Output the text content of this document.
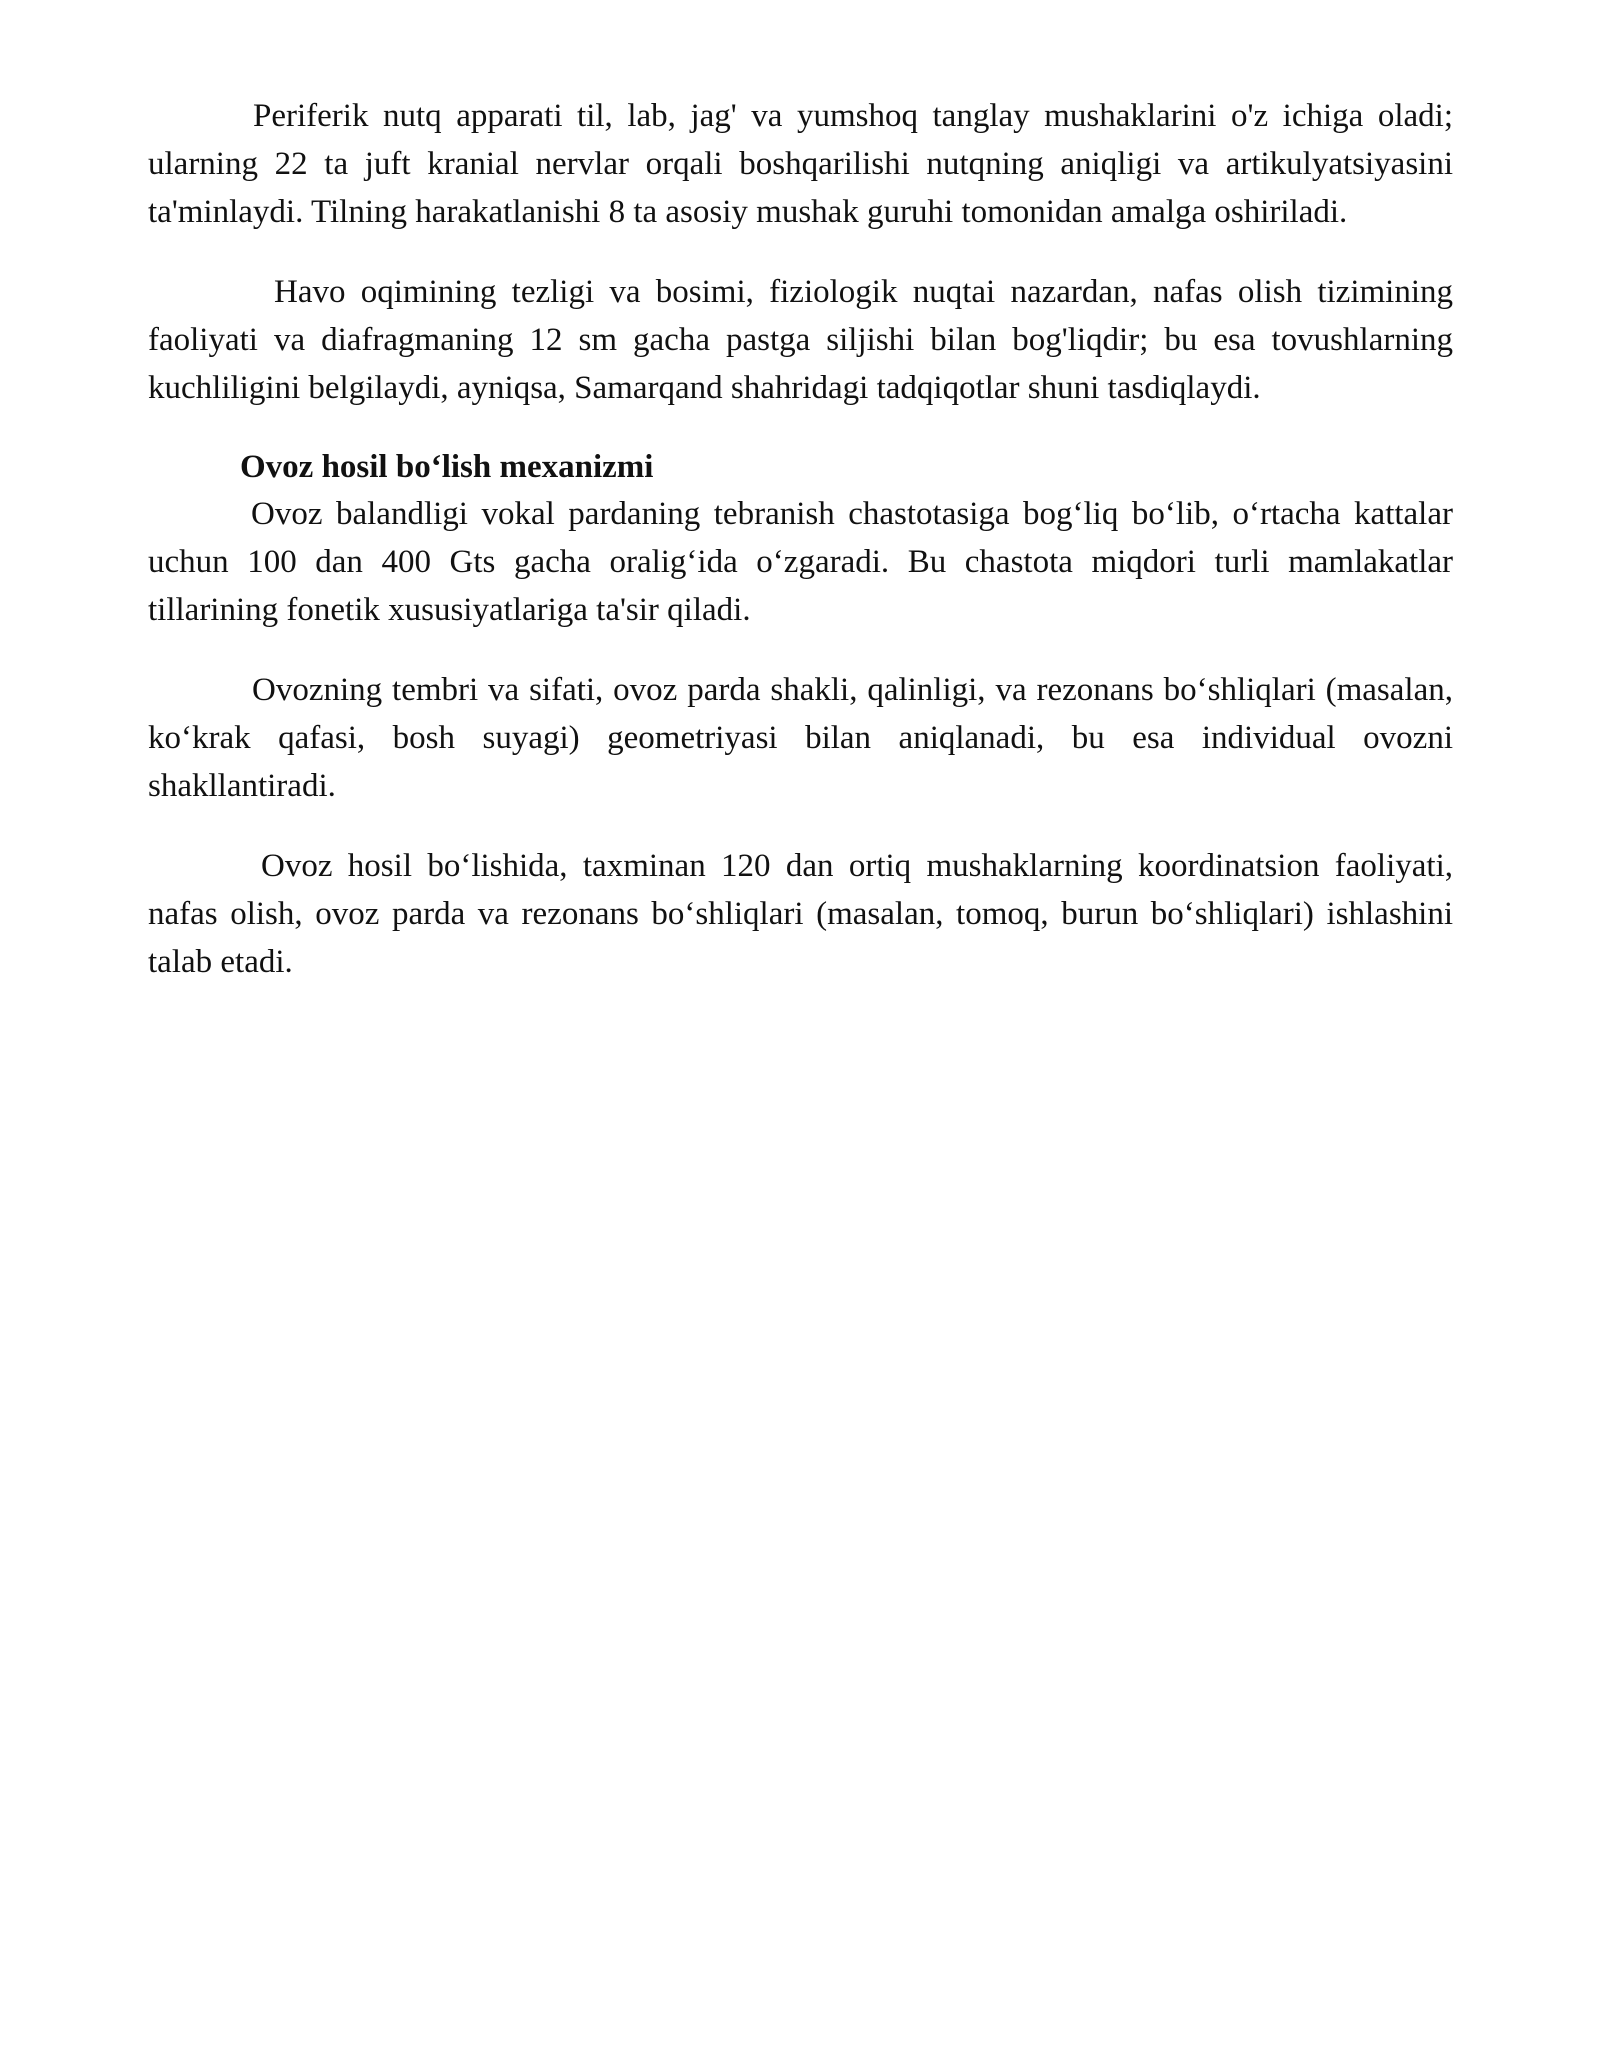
Periferik nutq apparati til, lab, jag' va yumshoq tanglay mushaklarini o'z ichiga oladi; ularning 22 ta juft kranial nervlar orqali boshqarilishi nutqning aniqligi va artikulyatsiyasini ta'minlaydi. Tilning harakatlanishi 8 ta asosiy mushak guruhi tomonidan amalga oshiriladi.

Havo oqimining tezligi va bosimi, fiziologik nuqtai nazardan, nafas olish tizimining faoliyati va diafragmaning 12 sm gacha pastga siljishi bilan bog'liqdir; bu esa tovushlarning kuchliligini belgilaydi, ayniqsa, Samarqand shahridagi tadqiqotlar shuni tasdiqlaydi.

Ovoz hosil bo‘lish mexanizmi

Ovoz balandligi vokal pardaning tebranish chastotasiga bog‘liq bo‘lib, o‘rtacha kattalar uchun 100 dan 400 Gts gacha oralig‘ida o‘zgaradi. Bu chastota miqdori turli mamlakatlar tillarining fonetik xususiyatlariga ta'sir qiladi.

Ovozning tembri va sifati, ovoz parda shakli, qalinligi, va rezonans bo‘shliqlari (masalan, ko‘krak qafasi, bosh suyagi) geometriyasi bilan aniqlanadi, bu esa individual ovozni shakllantiradi.

Ovoz hosil bo‘lishida, taxminan 120 dan ortiq mushaklarning koordinatsion faoliyati, nafas olish, ovoz parda va rezonans bo‘shliqlari (masalan, tomoq, burun bo‘shliqlari) ishlashini talab etadi.
